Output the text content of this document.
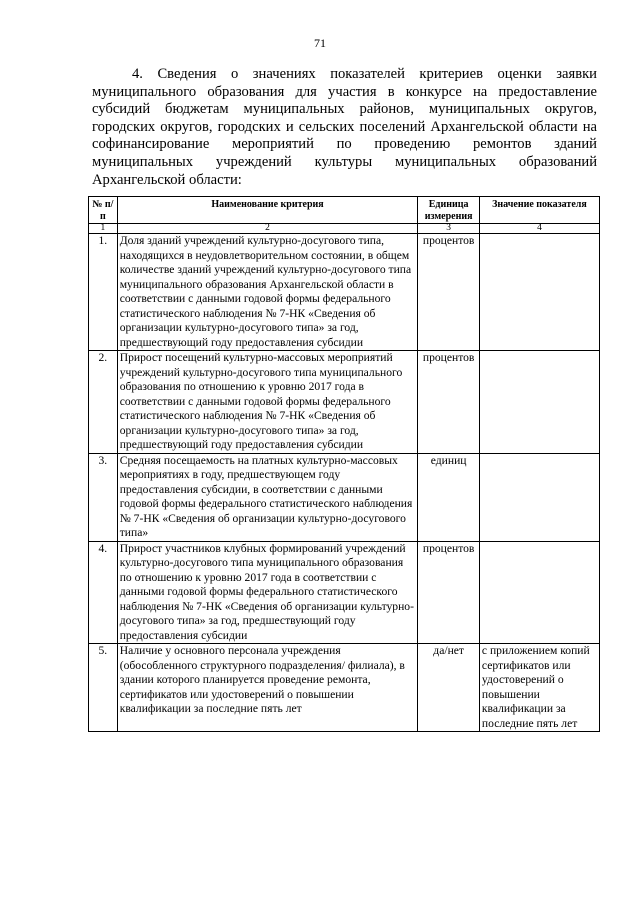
71
4. Сведения о значениях показателей критериев оценки заявки муниципального образования для участия в конкурсе на предоставление субсидий бюджетам муниципальных районов, муниципальных округов, городских округов, городских и сельских поселений Архангельской области на софинансирование мероприятий по проведению ремонтов зданий муниципальных учреждений культуры муниципальных образований Архангельской области:
№ п/п	Наименование критерия	Единица измерения	Значение показателя
1	2	3	4
1.	Доля зданий учреждений культурно-досугового типа, находящихся в неудовлетворительном состоянии, в общем количестве зданий учреждений культурно-досугового типа муниципального образования Архангельской области в соответствии с данными годовой формы федерального статистического наблюдения № 7-НК «Сведения об организации культурно-досугового типа» за год, предшествующий году предоставления субсидии	процентов	
2.	Прирост посещений культурно-массовых мероприятий учреждений культурно-досугового типа муниципального образования по отношению к уровню 2017 года в соответствии с данными годовой формы федерального статистического наблюдения № 7-НК «Сведения об организации культурно-досугового типа» за год, предшествующий году предоставления субсидии	процентов	
3.	Средняя посещаемость на платных культурно-массовых мероприятиях в году, предшествующем году предоставления субсидии, в соответствии с данными годовой формы федерального статистического наблюдения № 7-НК «Сведения об организации культурно-досугового типа»	единиц	
4.	Прирост участников клубных формирований учреждений культурно-досугового типа муниципального образования по отношению к уровню 2017 года в соответствии с данными годовой формы федерального статистического наблюдения № 7-НК «Сведения об организации культурно-досугового типа» за год, предшествующий году предоставления субсидии	процентов	
5.	Наличие у основного персонала учреждения (обособленного структурного подразделения/ филиала), в здании которого планируется проведение ремонта, сертификатов или удостоверений о повышении квалификации за последние пять лет	да/нет	с приложением копий сертификатов или удостоверений о повышении квалификации за последние пять лет
